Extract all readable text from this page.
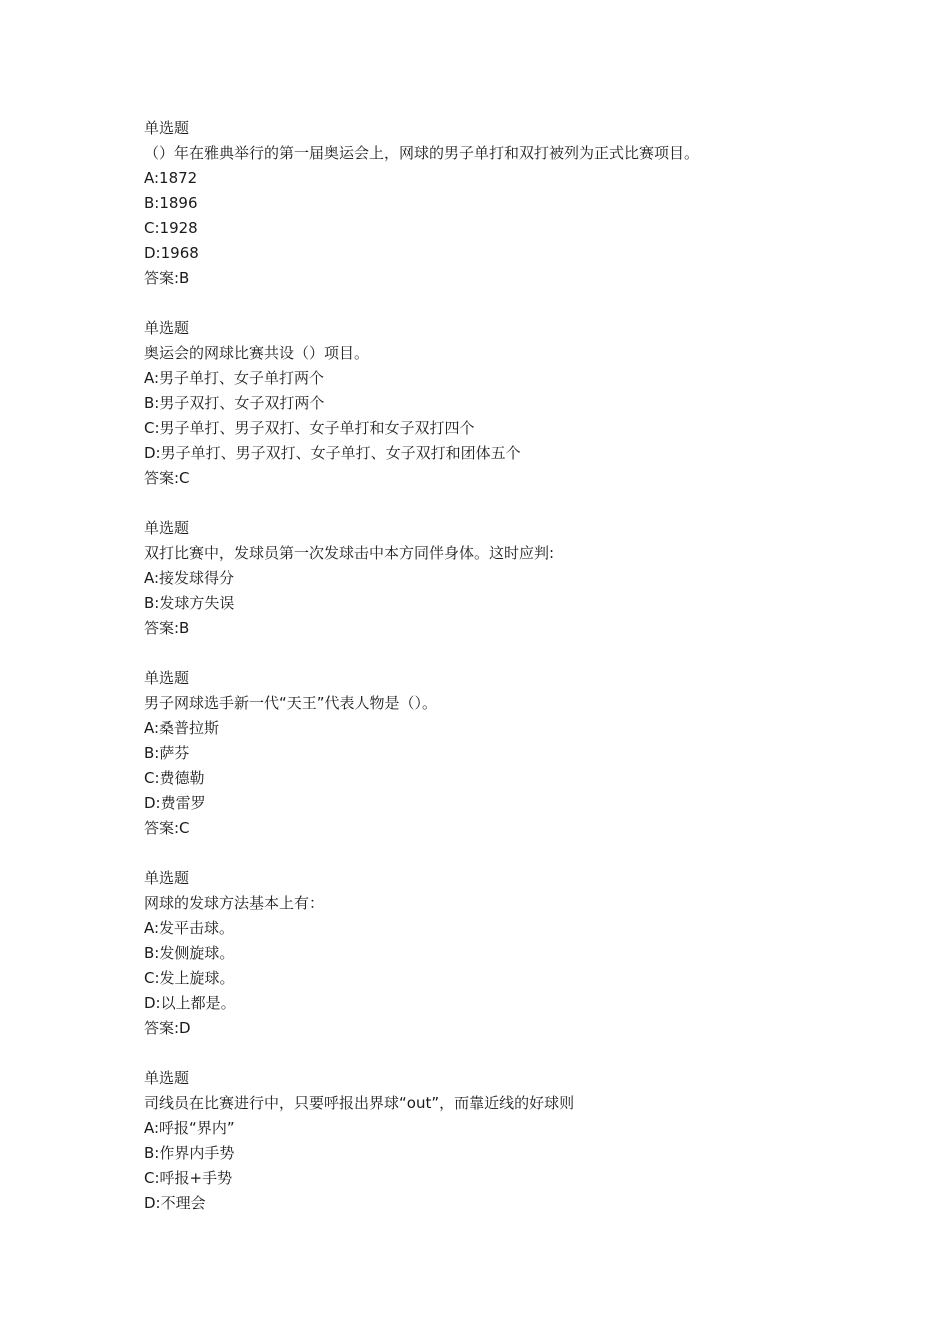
单选题
（）年在雅典举行的第一届奥运会上，网球的男子单打和双打被列为正式比赛项目。
A:1872
B:1896
C:1928
D:1968
答案:B
单选题
奥运会的网球比赛共设（）项目。
A:男子单打、女子单打两个
B:男子双打、女子双打两个
C:男子单打、男子双打、女子单打和女子双打四个
D:男子单打、男子双打、女子单打、女子双打和团体五个
答案:C
单选题
双打比赛中，发球员第一次发球击中本方同伴身体。这时应判:
A:接发球得分
B:发球方失误
答案:B
单选题
男子网球选手新一代“天王”代表人物是（）。
A:桑普拉斯
B:萨芬
C:费德勒
D:费雷罗
答案:C
单选题
网球的发球方法基本上有：
A:发平击球。
B:发侧旋球。
C:发上旋球。
D:以上都是。
答案:D
单选题
司线员在比赛进行中，只要呼报出界球“out”，而靠近线的好球则
A:呼报“界内”
B:作界内手势
C:呼报+手势
D:不理会
